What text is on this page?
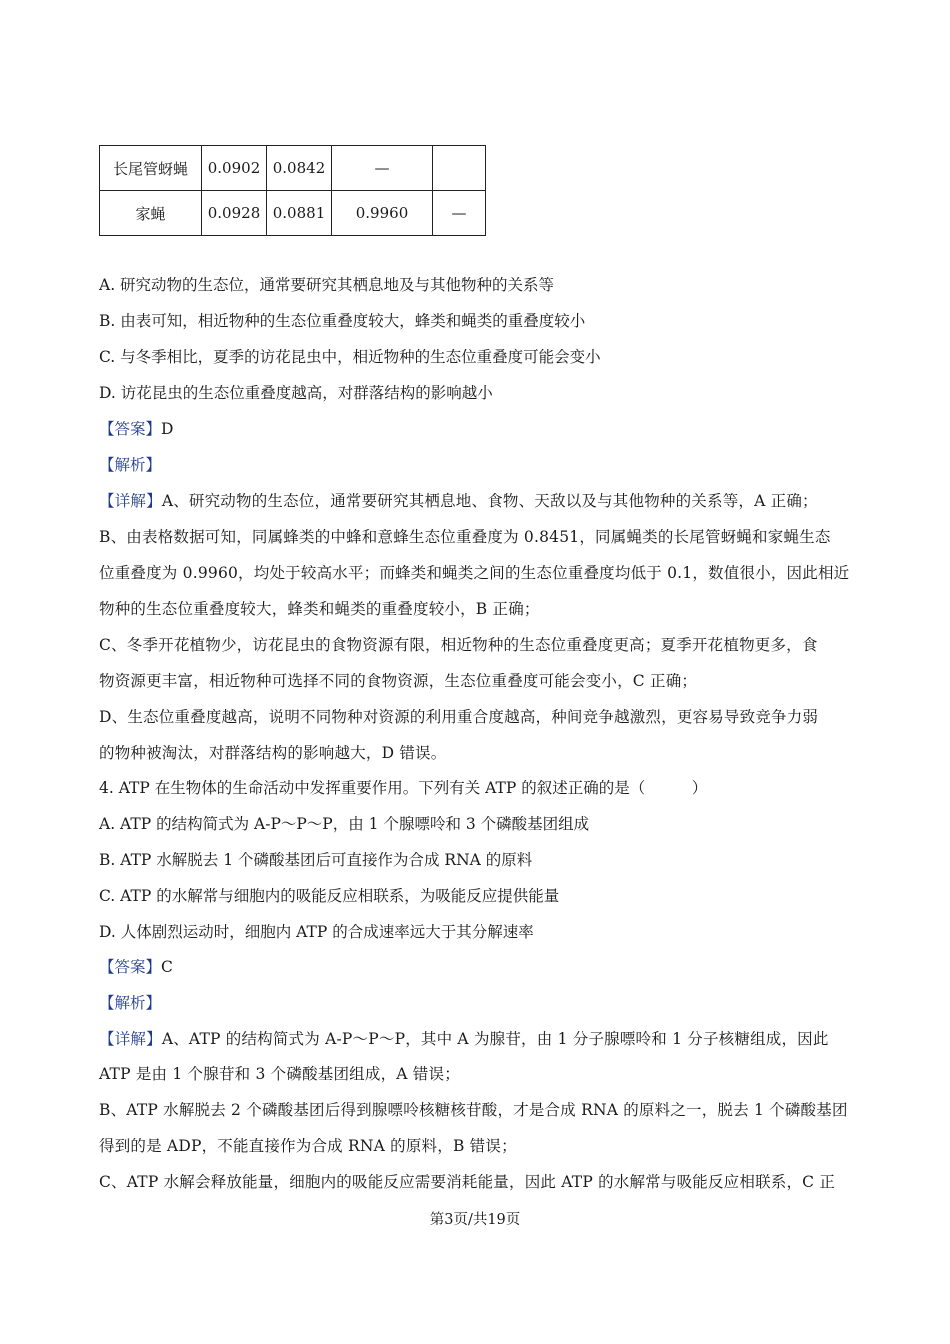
长尾管蚜蝇	0.0902	0.0842	—	
家蝇	0.0928	0.0881	0.9960	—
A. 研究动物的生态位，通常要研究其栖息地及与其他物种的关系等
B. 由表可知，相近物种的生态位重叠度较大，蜂类和蝇类的重叠度较小
C. 与冬季相比，夏季的访花昆虫中，相近物种的生态位重叠度可能会变小
D. 访花昆虫的生态位重叠度越高，对群落结构的影响越小
【答案】D
【解析】
【详解】A、研究动物的生态位，通常要研究其栖息地、食物、天敌以及与其他物种的关系等，A 正确；
B、由表格数据可知，同属蜂类的中蜂和意蜂生态位重叠度为 0.8451，同属蝇类的长尾管蚜蝇和家蝇生态
位重叠度为 0.9960，均处于较高水平；而蜂类和蝇类之间的生态位重叠度均低于 0.1，数值很小，因此相近
物种的生态位重叠度较大，蜂类和蝇类的重叠度较小，B 正确；
C、冬季开花植物少，访花昆虫的食物资源有限，相近物种的生态位重叠度更高；夏季开花植物更多，食
物资源更丰富，相近物种可选择不同的食物资源，生态位重叠度可能会变小，C 正确；
D、生态位重叠度越高，说明不同物种对资源的利用重合度越高，种间竞争越激烈，更容易导致竞争力弱
的物种被淘汰，对群落结构的影响越大，D 错误。
4. ATP 在生物体的生命活动中发挥重要作用。下列有关 ATP 的叙述正确的是（　　　）
A. ATP 的结构简式为 A-P～P～P，由 1 个腺嘌呤和 3 个磷酸基团组成
B. ATP 水解脱去 1 个磷酸基团后可直接作为合成 RNA 的原料
C. ATP 的水解常与细胞内的吸能反应相联系，为吸能反应提供能量
D. 人体剧烈运动时，细胞内 ATP 的合成速率远大于其分解速率
【答案】C
【解析】
【详解】A、ATP 的结构简式为 A-P～P～P，其中 A 为腺苷，由 1 分子腺嘌呤和 1 分子核糖组成，因此
ATP 是由 1 个腺苷和 3 个磷酸基团组成，A 错误；
B、ATP 水解脱去 2 个磷酸基团后得到腺嘌呤核糖核苷酸，才是合成 RNA 的原料之一，脱去 1 个磷酸基团
得到的是 ADP，不能直接作为合成 RNA 的原料，B 错误；
C、ATP 水解会释放能量，细胞内的吸能反应需要消耗能量，因此 ATP 的水解常与吸能反应相联系，C 正
第3页/共19页
